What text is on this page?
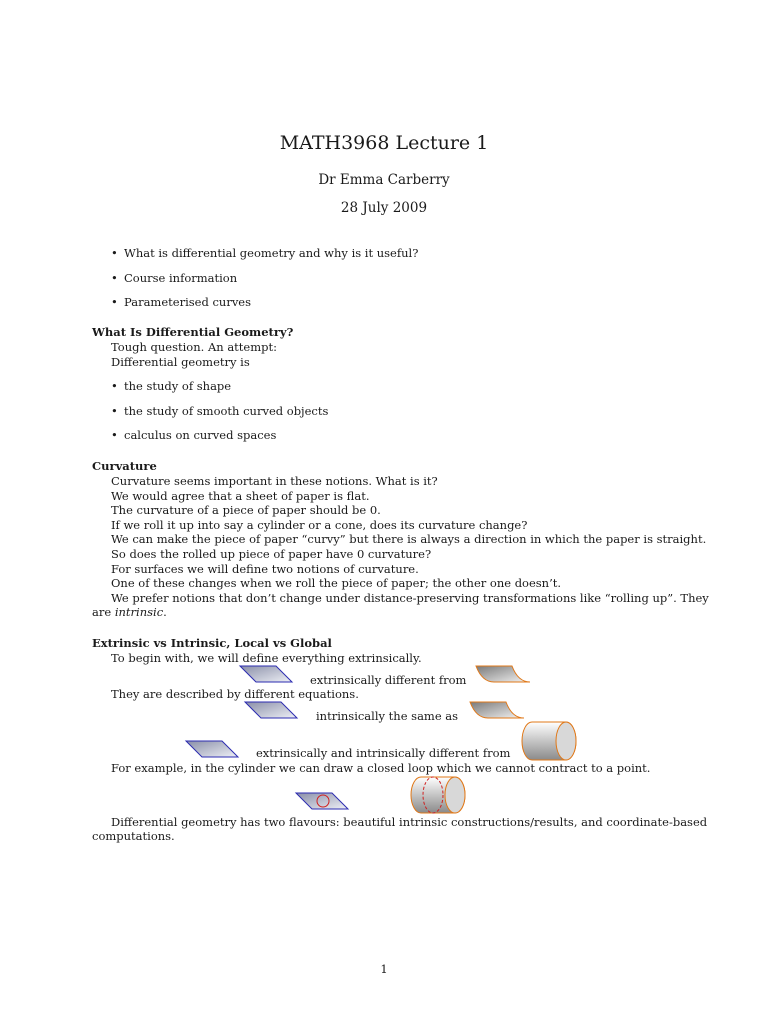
MATH3968 Lecture 1
Dr Emma Carberry
28 July 2009
• What is differential geometry and why is it useful?
• Course information
• Parameterised curves
What Is Differential Geometry?
Tough question. An attempt:
Differential geometry is
• the study of shape
• the study of smooth curved objects
• calculus on curved spaces
Curvature
Curvature seems important in these notions. What is it?
We would agree that a sheet of paper is flat.
The curvature of a piece of paper should be 0.
If we roll it up into say a cylinder or a cone, does its curvature change?
We can make the piece of paper “curvy” but there is always a direction in which the paper is straight.
So does the rolled up piece of paper have 0 curvature?
For surfaces we will define two notions of curvature.
One of these changes when we roll the piece of paper; the other one doesn’t.
We prefer notions that don’t change under distance-preserving transformations like “rolling up”. They
are intrinsic.
Extrinsic vs Intrinsic, Local vs Global
To begin with, we will define everything extrinsically.
extrinsically different from
They are described by different equations.
intrinsically the same as
extrinsically and intrinsically different from
For example, in the cylinder we can draw a closed loop which we cannot contract to a point.
Differential geometry has two flavours: beautiful intrinsic constructions/results, and coordinate-based
computations.
1
